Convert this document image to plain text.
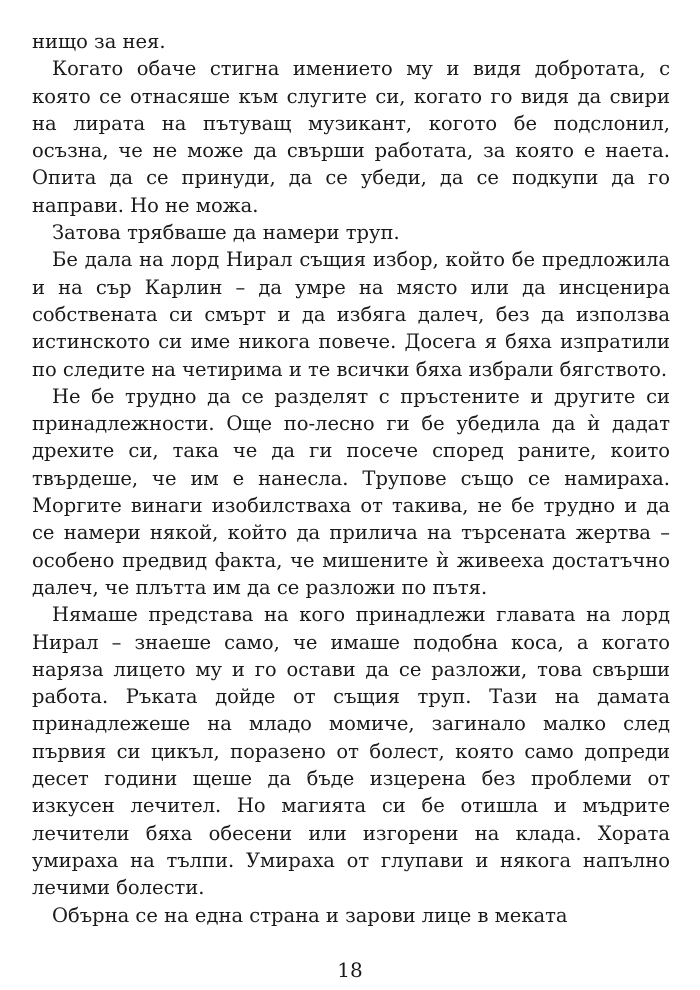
нищо за нея.

Когато обаче стигна имението му и видя добротата, с която се отнасяше към слугите си, когато го видя да свири на лирата на пътуващ музикант, когото бе подслонил, осъзна, че не може да свърши работата, за която е наета. Опита да се принуди, да се убеди, да се подкупи да го направи. Но не можа.

Затова трябваше да намери труп.

Бе дала на лорд Нирал същия избор, който бе предложила и на сър Карлин – да умре на място или да инсценира собствената си смърт и да избяга далеч, без да използва истинското си име никога повече. Досега я бяха изпратили по следите на четирима и те всички бяха избрали бягството.

Не бе трудно да се разделят с пръстените и другите си принадлежности. Още по-лесно ги бе убедила да ѝ дадат дрехите си, така че да ги посече според раните, които твърдеше, че им е нанесла. Трупове също се намираха. Моргите винаги изобилстваха от такива, не бе трудно и да се намери някой, който да прилича на търсената жертва – особено предвид факта, че мишените ѝ живееха достатъчно далеч, че плътта им да се разложи по пътя.

Нямаше представа на кого принадлежи главата на лорд Нирал – знаеше само, че имаше подобна коса, а когато наряза лицето му и го остави да се разложи, това свърши работа. Ръката дойде от същия труп. Тази на дамата принадлежеше на младо момиче, загинало малко след първия си цикъл, поразено от болест, която само допреди десет години щеше да бъде изцерена без проблеми от изкусен лечител. Но магията си бе отишла и мъдрите лечители бяха обесени или изгорени на клада. Хората умираха на тълпи. Умираха от глупави и някога напълно лечими болести.

Обърна се на една страна и зарови лице в меката

18
